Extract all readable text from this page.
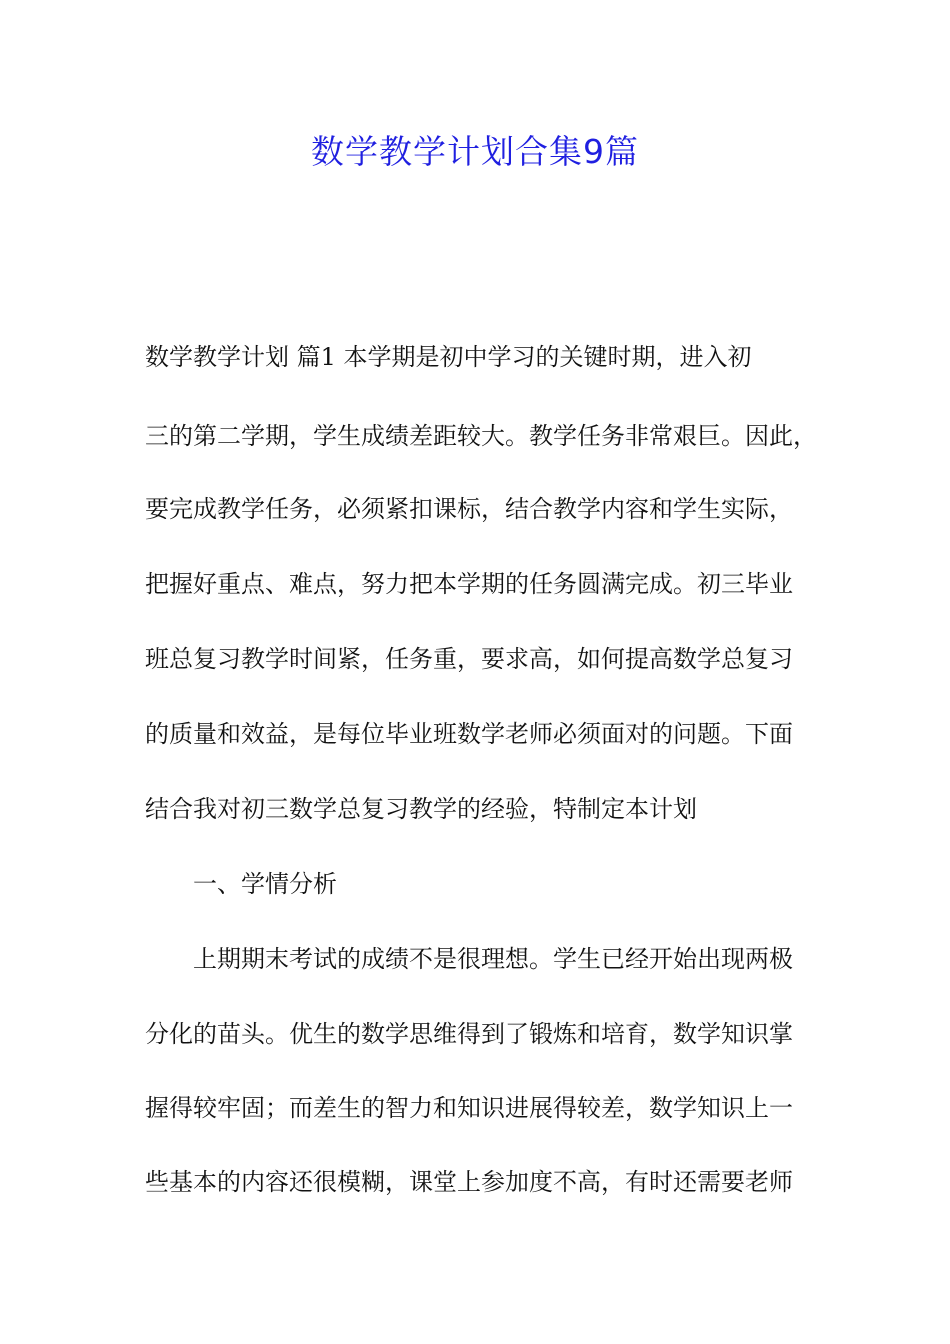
数学教学计划合集9篇

数学教学计划 篇1 本学期是初中学习的关键时期，进入初

三的第二学期，学生成绩差距较大。教学任务非常艰巨。因此，

要完成教学任务，必须紧扣课标，结合教学内容和学生实际，

把握好重点、难点，努力把本学期的任务圆满完成。初三毕业

班总复习教学时间紧，任务重，要求高，如何提高数学总复习

的质量和效益，是每位毕业班数学老师必须面对的问题。下面

结合我对初三数学总复习教学的经验，特制定本计划

一、学情分析

上期期末考试的成绩不是很理想。学生已经开始出现两极

分化的苗头。优生的数学思维得到了锻炼和培育，数学知识掌

握得较牢固；而差生的智力和知识进展得较差，数学知识上一

些基本的内容还很模糊，课堂上参加度不高，有时还需要老师
